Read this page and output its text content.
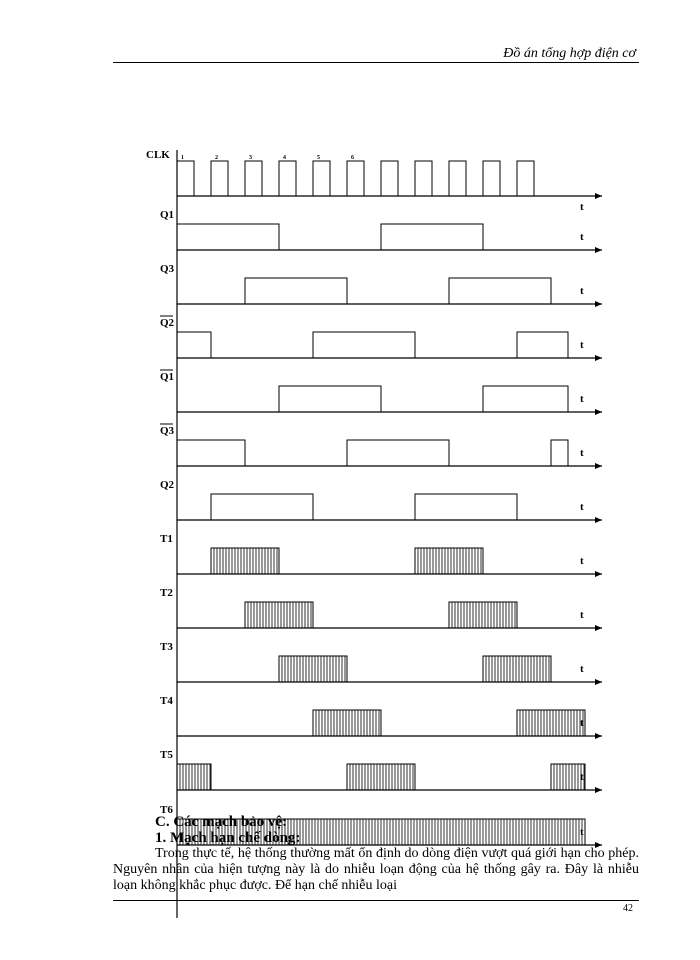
Đồ án tổng hợp điện cơ
CLK 1	2	3	4	5	6
t
Q1
t
Q3
t
Q2
t
Q1
t
Q3
t
Q2
t
T1
t
T2
t
T3
t
T4
t
T5
t
T6
t
C. Các mạch bảo vệ:
1. Mạch hạn chế dòng:
Trong thực tế, hệ thống thường mất ổn định do dòng điện vượt quá giới hạn cho phép. Nguyên nhân của hiện tượng này là do nhiễu loạn động của hệ thống gây ra. Đây là nhiễu loạn không khắc phục được. Để hạn chế nhiễu loại
42
